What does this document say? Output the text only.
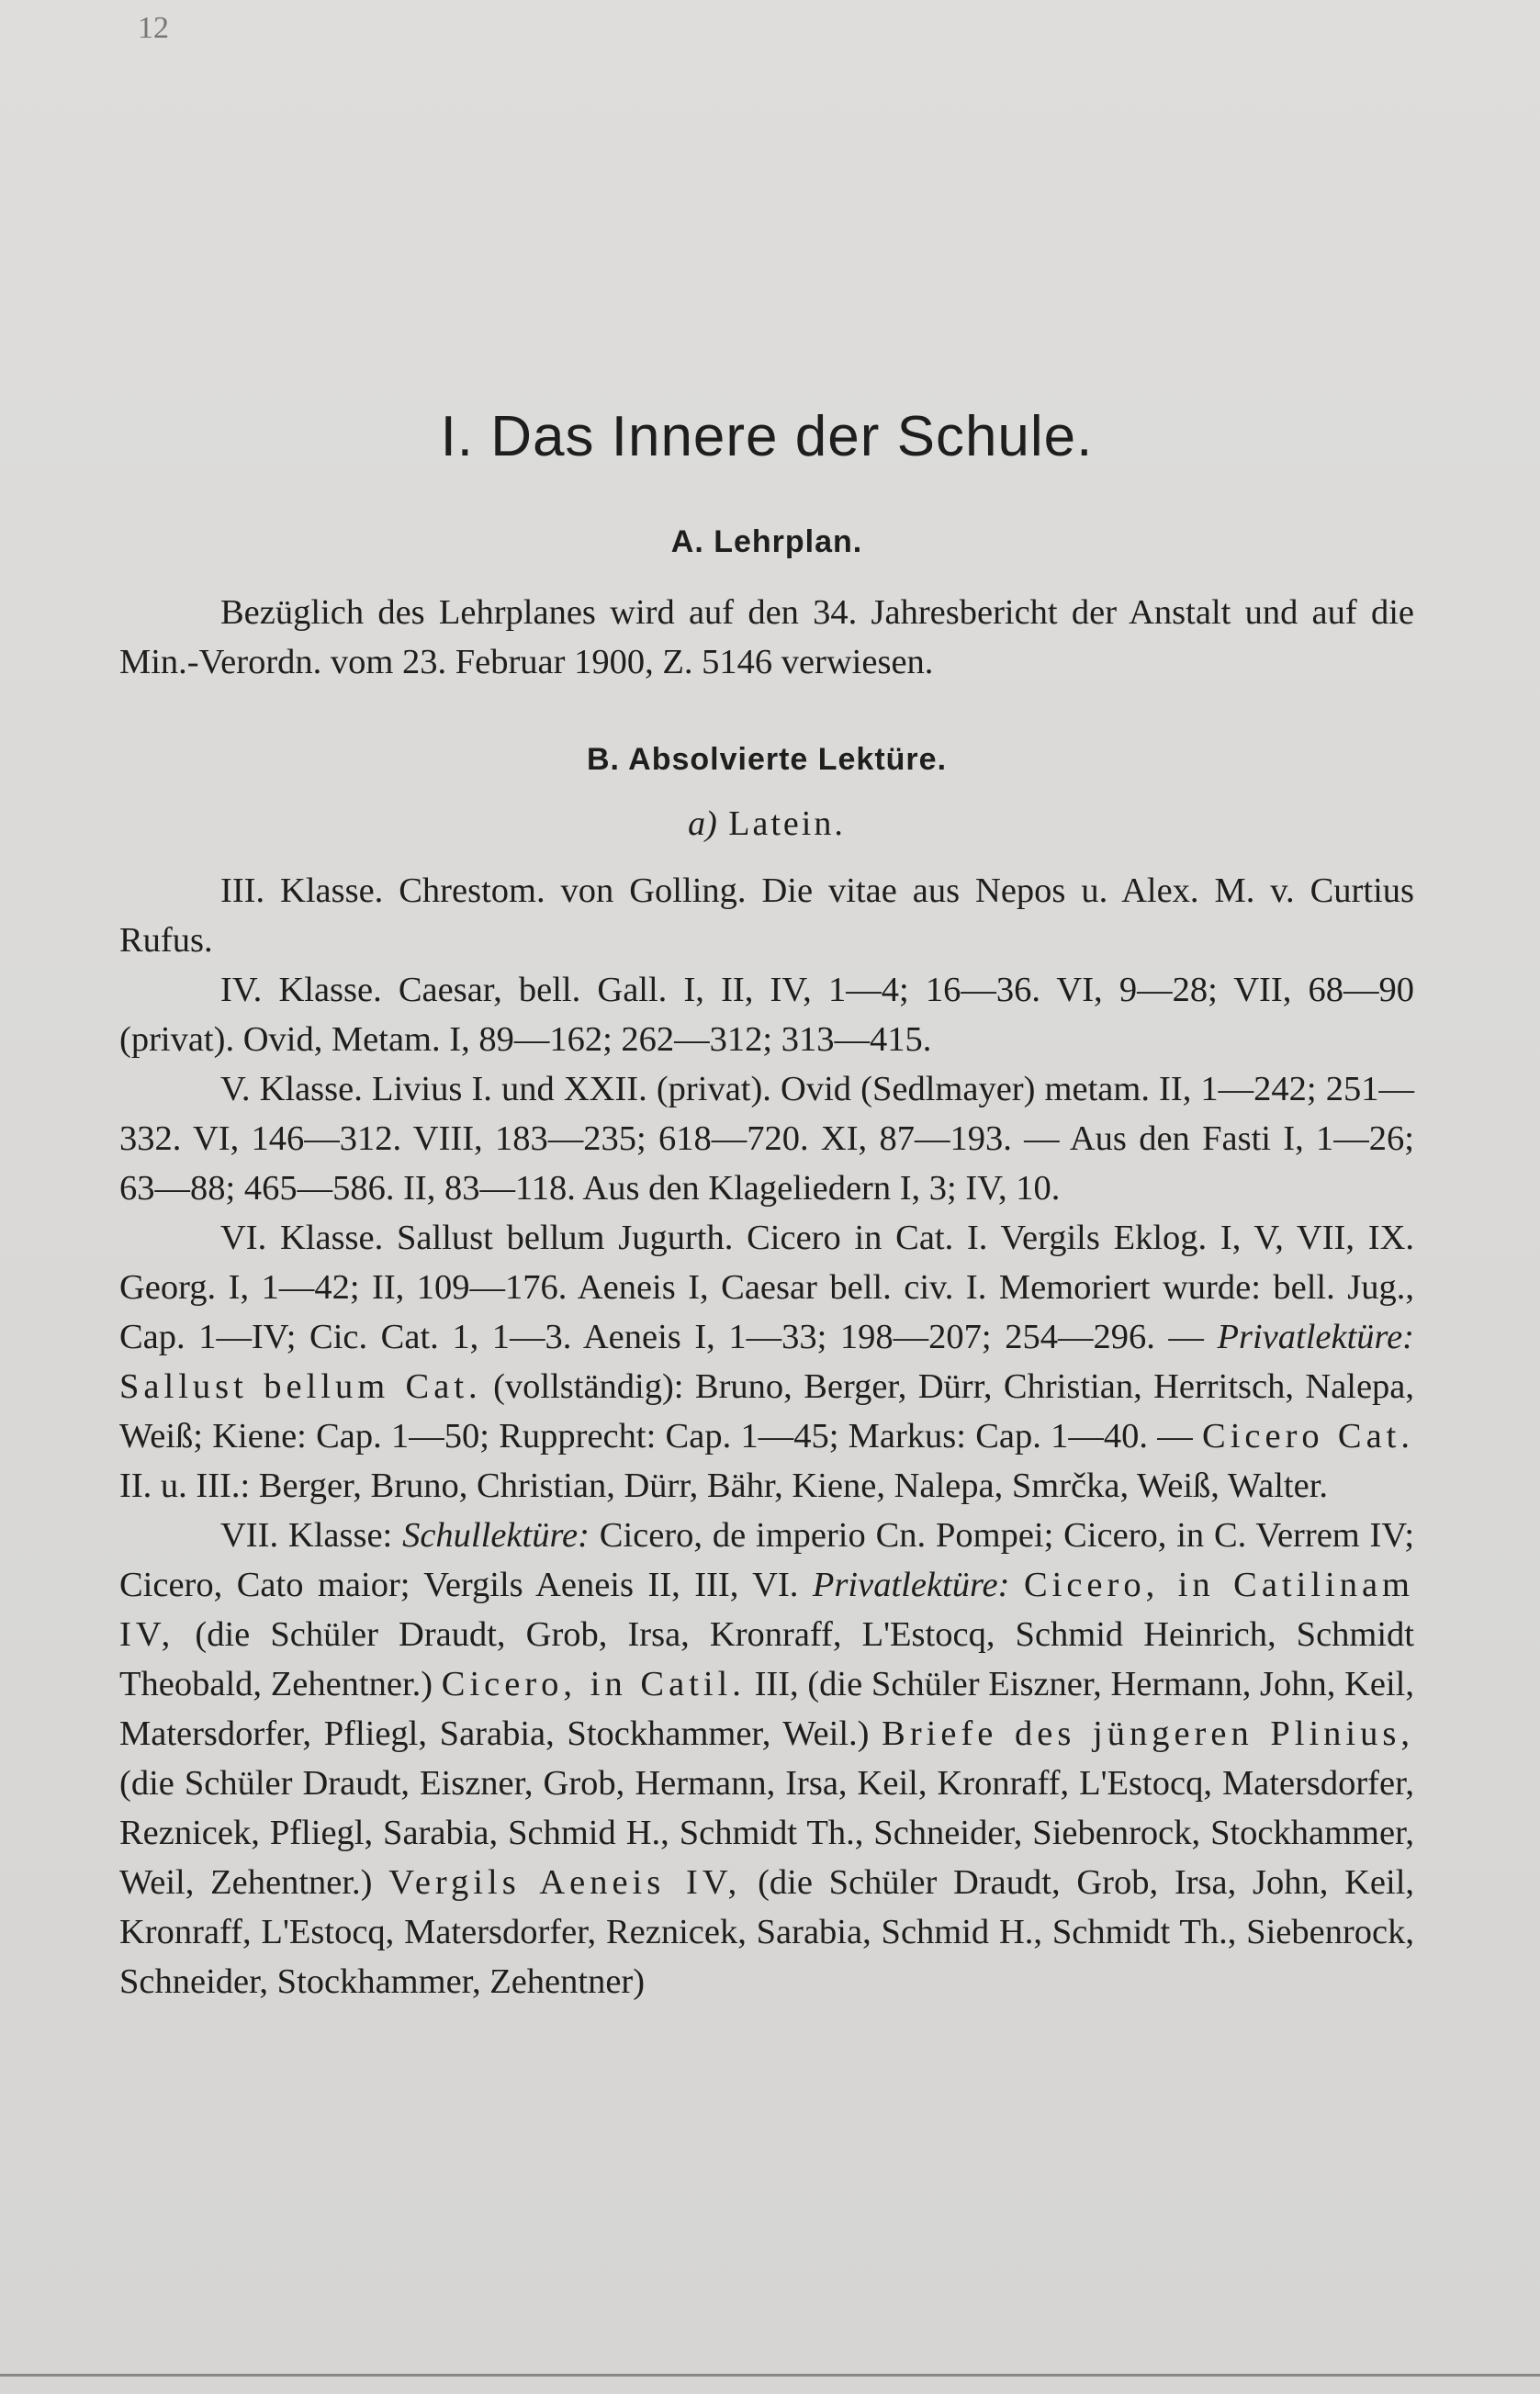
12
I. Das Innere der Schule.
A. Lehrplan.

Bezüglich des Lehrplanes wird auf den 34. Jahresbericht der Anstalt und auf die Min.-Verordn. vom 23. Februar 1900, Z. 5146 verwiesen.

B. Absolvierte Lektüre.
a) Latein.

III. Klasse. Chrestom. von Golling. Die vitae aus Nepos u. Alex. M. v. Curtius Rufus.

IV. Klasse. Caesar, bell. Gall. I, II, IV, 1—4; 16—36. VI, 9—28; VII, 68—90 (privat). Ovid, Metam. I, 89—162; 262—312; 313—415.

V. Klasse. Livius I. und XXII. (privat). Ovid (Sedlmayer) metam. II, 1—242; 251—332. VI, 146—312. VIII, 183—235; 618—720. XI, 87—193. — Aus den Fasti I, 1—26; 63—88; 465—586. II, 83—118. Aus den Klageliedern I, 3; IV, 10.

VI. Klasse. Sallust bellum Jugurth. Cicero in Cat. I. Vergils Eklog. I, V, VII, IX. Georg. I, 1—42; II, 109—176. Aeneis I, Caesar bell. civ. I. Memoriert wurde: bell. Jug., Cap. 1—IV; Cic. Cat. 1, 1—3. Aeneis I, 1—33; 198—207; 254—296. — Privatlektüre: Sallust bellum Cat. (vollständig): Bruno, Berger, Dürr, Christian, Herritsch, Nalepa, Weiß; Kiene: Cap. 1—50; Rupprecht: Cap. 1—45; Markus: Cap. 1—40. — Cicero Cat. II. u. III.: Berger, Bruno, Christian, Dürr, Bähr, Kiene, Nalepa, Smrčka, Weiß, Walter.

VII. Klasse: Schullektüre: Cicero, de imperio Cn. Pompei; Cicero, in C. Verrem IV; Cicero, Cato maior; Vergils Aeneis II, III, VI. Privatlektüre: Cicero, in Catilinam IV, (die Schüler Draudt, Grob, Irsa, Kronraff, L'Estocq, Schmid Heinrich, Schmidt Theobald, Zehentner.) Cicero, in Catil. III, (die Schüler Eiszner, Hermann, John, Keil, Matersdorfer, Pfliegl, Sarabia, Stockhammer, Weil.) Briefe des jüngeren Plinius, (die Schüler Draudt, Eiszner, Grob, Hermann, Irsa, Keil, Kronraff, L'Estocq, Matersdorfer, Reznicek, Pfliegl, Sarabia, Schmid H., Schmidt Th., Schneider, Siebenrock, Stockhammer, Weil, Zehentner.) Vergils Aeneis IV, (die Schüler Draudt, Grob, Irsa, John, Keil, Kronraff, L'Estocq, Matersdorfer, Reznicek, Sarabia, Schmid H., Schmidt Th., Siebenrock, Schneider, Stockhammer, Zehentner)
